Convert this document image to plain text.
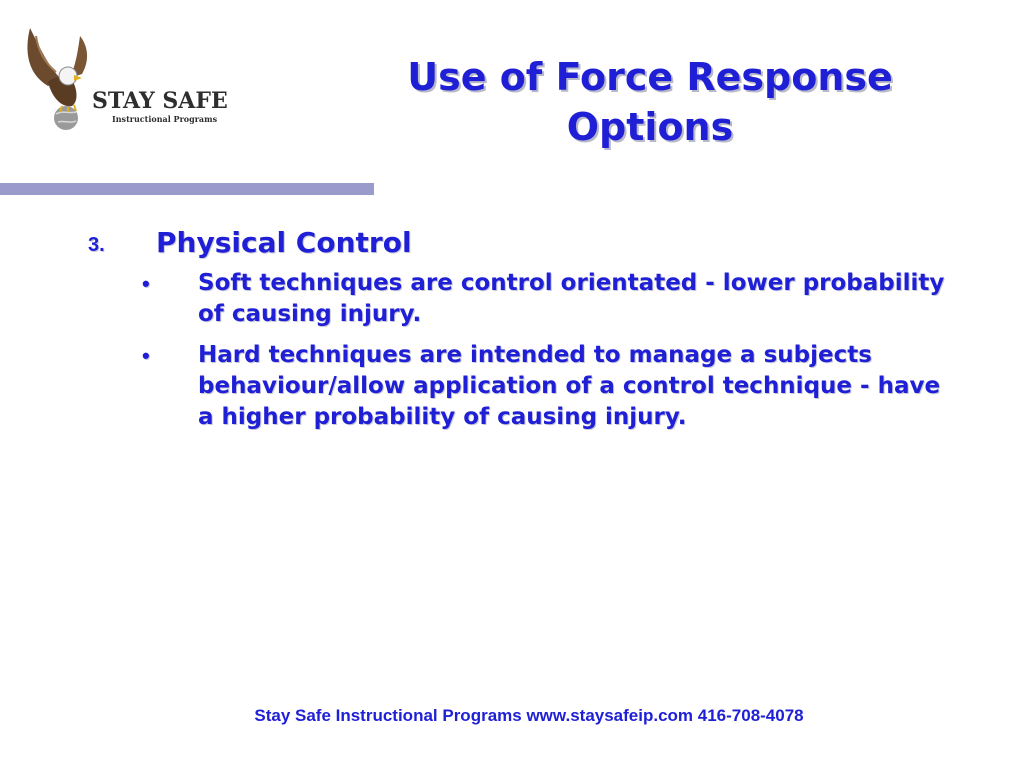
STAY SAFE
Instructional Programs
Use of Force Response Options
3. Physical Control
• Soft techniques are control orientated - lower probability of causing injury.
• Hard techniques are intended to manage a subjects behaviour/allow application of a control technique - have a higher probability of causing injury.
Stay Safe Instructional Programs www.staysafeip.com 416-708-4078
